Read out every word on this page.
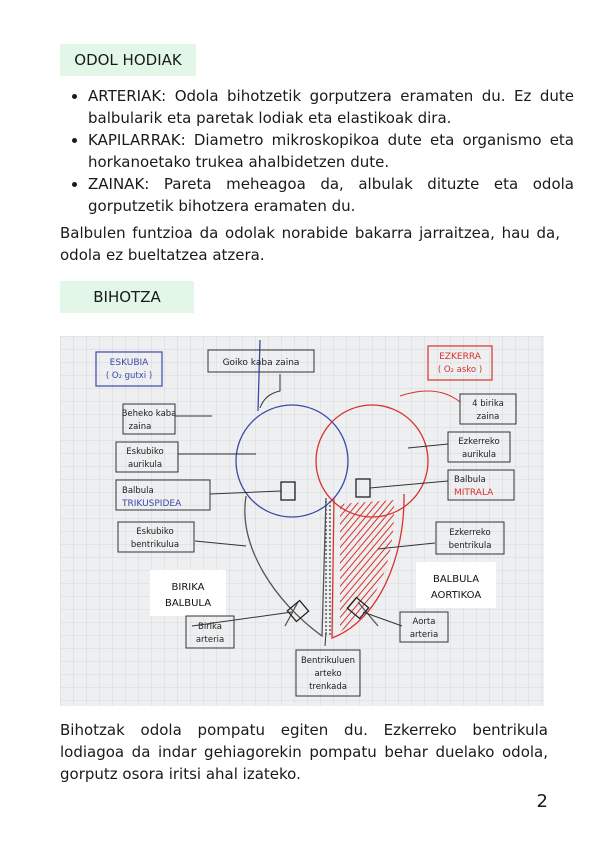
ODOL HODIAK
• ARTERIAK: Odola bihotzetik gorputzera eramaten du. Ez dute balbularik eta paretak lodiak eta elastikoak dira.
• KAPILARRAK: Diametro mikroskopikoa dute eta organismo eta horkanoetako trukea ahalbidetzen dute.
• ZAINAK: Pareta meheagoa da, albulak dituzte eta odola gorputzetik bihotzera eramaten du.

Balbulen funtzioa da odolak norabide bakarra jarraitzea, hau da, odola ez bueltatzea atzera.

BIHOTZA
ESKUBIA
( O₂ gutxi )
EZKERRA
( O₂ asko )
Goiko kaba zaina
Beheko kaba
zaina
Eskubiko
aurikula
Balbula
TRIKUSPIDEA
Eskubiko
bentrikulua
BIRIKA
BALBULA
Birika
arteria
Bentrikuluen
arteko
trenkada
4 birika
zaina
Ezkerreko
aurikula
Balbula
MITRALA
Ezkerreko
bentrikula
BALBULA
AORTIKOA
Aorta
arteria

Bihotzak odola pompatu egiten du. Ezkerreko bentrikula lodiagoa da indar gehiagorekin pompatu behar duelako odola, gorputz osora iritsi ahal izateko.

2
